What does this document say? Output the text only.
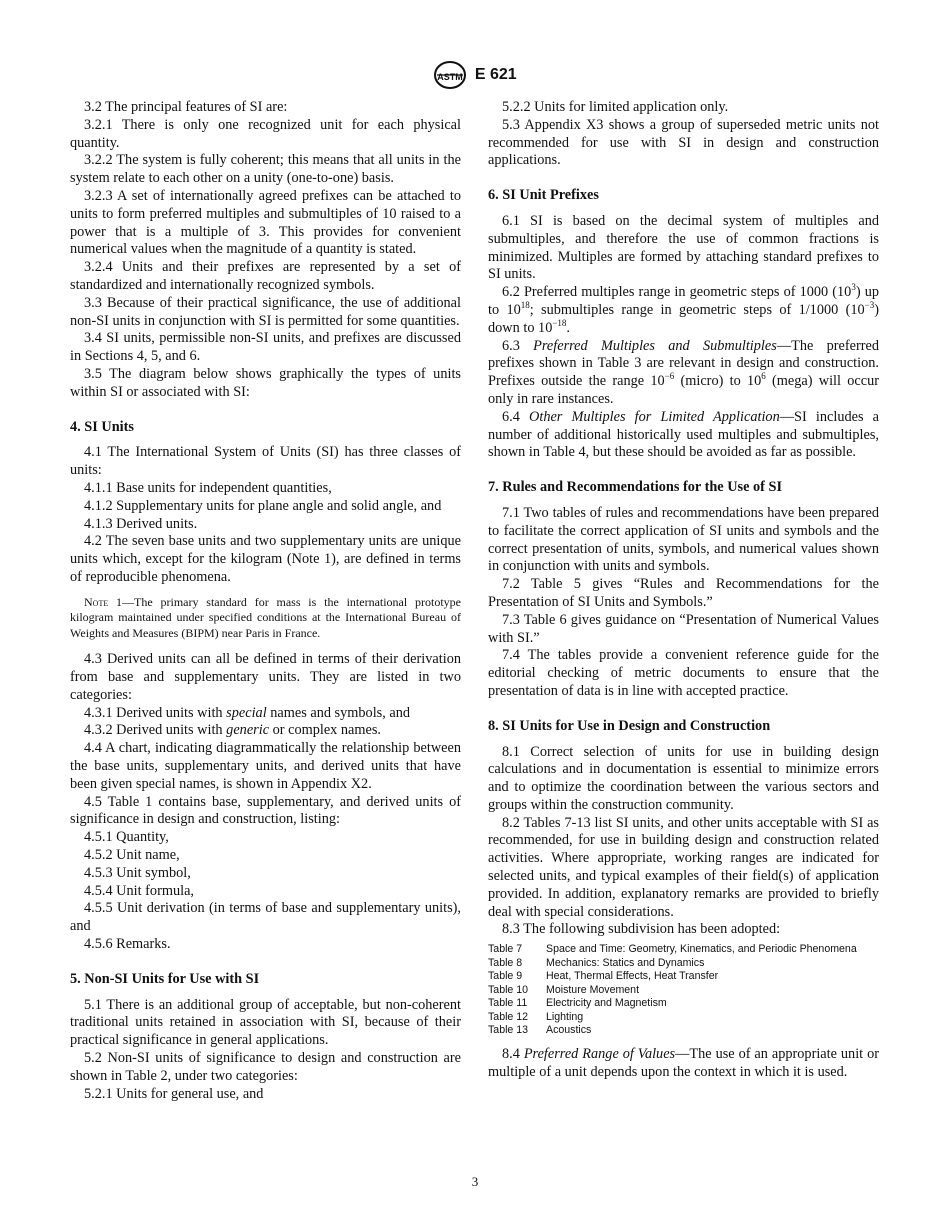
ASTM E 621

3.2 The principal features of SI are:

3.2.1 There is only one recognized unit for each physical quantity.

3.2.2 The system is fully coherent; this means that all units in the system relate to each other on a unity (one-to-one) basis.

3.2.3 A set of internationally agreed prefixes can be attached to units to form preferred multiples and submultiples of 10 raised to a power that is a multiple of 3. This provides for convenient numerical values when the magnitude of a quantity is stated.

3.2.4 Units and their prefixes are represented by a set of standardized and internationally recognized symbols.

3.3 Because of their practical significance, the use of additional non-SI units in conjunction with SI is permitted for some quantities.

3.4 SI units, permissible non-SI units, and prefixes are discussed in Sections 4, 5, and 6.

3.5 The diagram below shows graphically the types of units within SI or associated with SI:

4. SI Units

4.1 The International System of Units (SI) has three classes of units:

4.1.1 Base units for independent quantities,

4.1.2 Supplementary units for plane angle and solid angle, and

4.1.3 Derived units.

4.2 The seven base units and two supplementary units are unique units which, except for the kilogram (Note 1), are defined in terms of reproducible phenomena.

Note 1—The primary standard for mass is the international prototype kilogram maintained under specified conditions at the International Bureau of Weights and Measures (BIPM) near Paris in France.

4.3 Derived units can all be defined in terms of their derivation from base and supplementary units. They are listed in two categories:

4.3.1 Derived units with special names and symbols, and

4.3.2 Derived units with generic or complex names.

4.4 A chart, indicating diagrammatically the relationship between the base units, supplementary units, and derived units that have been given special names, is shown in Appendix X2.

4.5 Table 1 contains base, supplementary, and derived units of significance in design and construction, listing:

4.5.1 Quantity,

4.5.2 Unit name,

4.5.3 Unit symbol,

4.5.4 Unit formula,

4.5.5 Unit derivation (in terms of base and supplementary units), and

4.5.6 Remarks.

5. Non-SI Units for Use with SI

5.1 There is an additional group of acceptable, but non-coherent traditional units retained in association with SI, because of their practical significance in general applications.

5.2 Non-SI units of significance to design and construction are shown in Table 2, under two categories:

5.2.1 Units for general use, and

5.2.2 Units for limited application only.

5.3 Appendix X3 shows a group of superseded metric units not recommended for use with SI in design and construction applications.

6. SI Unit Prefixes

6.1 SI is based on the decimal system of multiples and submultiples, and therefore the use of common fractions is minimized. Multiples are formed by attaching standard prefixes to SI units.

6.2 Preferred multiples range in geometric steps of 1000 $(10^3)$ up to $10^{18}$; submultiples range in geometric steps of 1/1000 $(10^{-3})$ down to $10^{-18}$.

6.3 Preferred Multiples and Submultiples—The preferred prefixes shown in Table 3 are relevant in design and construction. Prefixes outside the range $10^{-6}$ (micro) to $10^6$ (mega) will occur only in rare instances.

6.4 Other Multiples for Limited Application—SI includes a number of additional historically used multiples and submultiples, shown in Table 4, but these should be avoided as far as possible.

7. Rules and Recommendations for the Use of SI

7.1 Two tables of rules and recommendations have been prepared to facilitate the correct application of SI units and symbols and the correct presentation of units, symbols, and numerical values shown in conjunction with units and symbols.

7.2 Table 5 gives “Rules and Recommendations for the Presentation of SI Units and Symbols.”

7.3 Table 6 gives guidance on “Presentation of Numerical Values with SI.”

7.4 The tables provide a convenient reference guide for the editorial checking of metric documents to ensure that the presentation of data is in line with accepted practice.

8. SI Units for Use in Design and Construction

8.1 Correct selection of units for use in building design calculations and in documentation is essential to minimize errors and to optimize the coordination between the various sectors and groups within the construction community.

8.2 Tables 7-13 list SI units, and other units acceptable with SI as recommended, for use in building design and construction related activities. Where appropriate, working ranges are indicated for selected units, and typical examples of their field(s) of application provided. In addition, explanatory remarks are provided to briefly deal with special considerations.

8.3 The following subdivision has been adopted:

Table 7	Space and Time: Geometry, Kinematics, and Periodic Phenomena
Table 8	Mechanics: Statics and Dynamics
Table 9	Heat, Thermal Effects, Heat Transfer
Table 10	Moisture Movement
Table 11	Electricity and Magnetism
Table 12	Lighting
Table 13	Acoustics

8.4 Preferred Range of Values—The use of an appropriate unit or multiple of a unit depends upon the context in which it is used.

3
